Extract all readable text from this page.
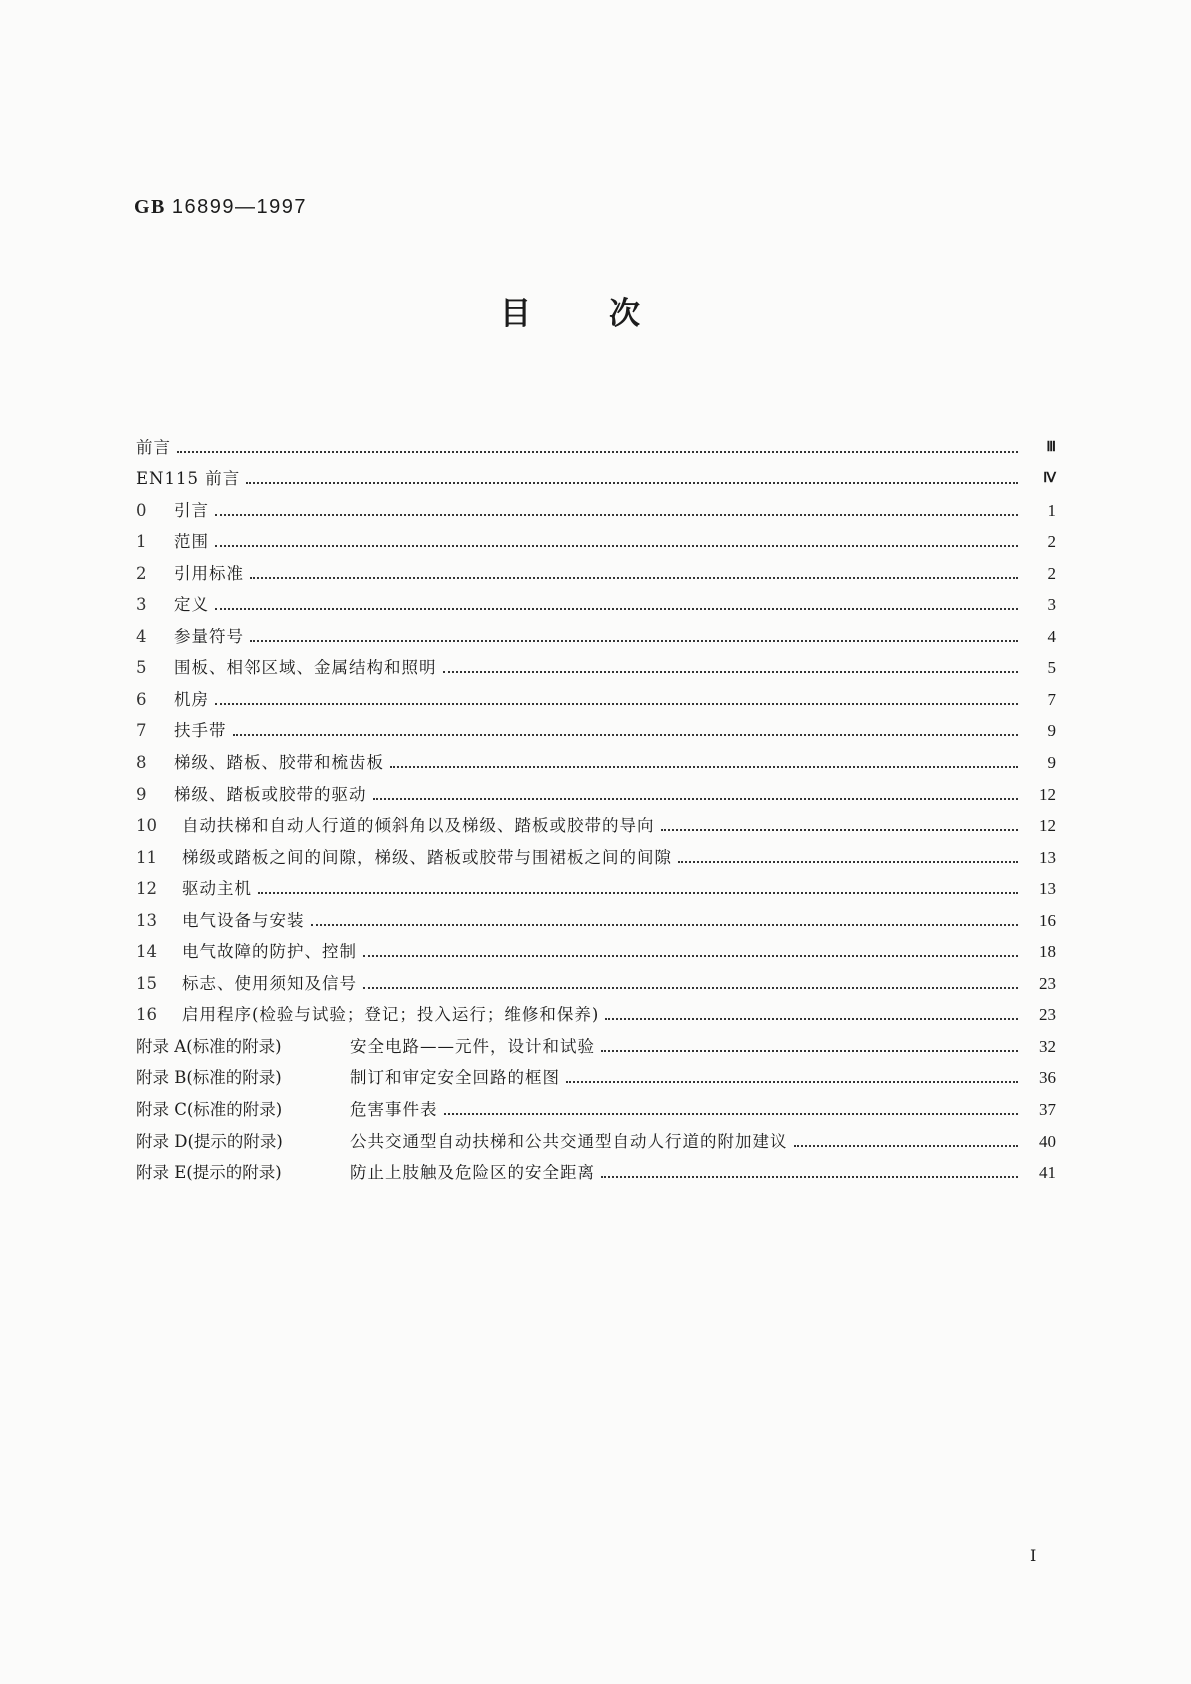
GB 16899—1997
目	次
前言	Ⅲ
EN115 前言	Ⅳ
0	引言	1
1	范围	2
2	引用标准	2
3	定义	3
4	参量符号	4
5	围板、相邻区域、金属结构和照明	5
6	机房	7
7	扶手带	9
8	梯级、踏板、胶带和梳齿板	9
9	梯级、踏板或胶带的驱动	12
10	自动扶梯和自动人行道的倾斜角以及梯级、踏板或胶带的导向	12
11	梯级或踏板之间的间隙，梯级、踏板或胶带与围裙板之间的间隙	13
12	驱动主机	13
13	电气设备与安装	16
14	电气故障的防护、控制	18
15	标志、使用须知及信号	23
16	启用程序(检验与试验；登记；投入运行；维修和保养)	23
附录 A(标准的附录)	安全电路——元件，设计和试验	32
附录 B(标准的附录)	制订和审定安全回路的框图	36
附录 C(标准的附录)	危害事件表	37
附录 D(提示的附录)	公共交通型自动扶梯和公共交通型自动人行道的附加建议	40
附录 E(提示的附录)	防止上肢触及危险区的安全距离	41
Ⅰ
